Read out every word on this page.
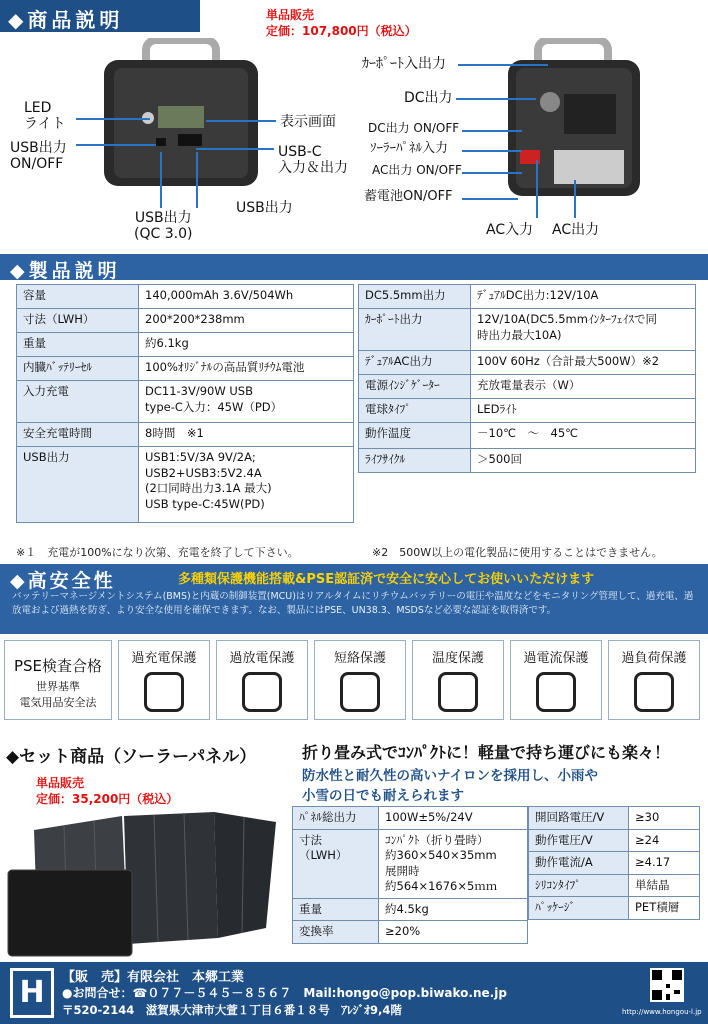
◆商品説明	単品販売
定価：107,800円（税込）
LED
ライト
USB出力
ON/OFF
表示画面
USB-C
入力＆出力
USB出力
(QC 3.0)
USB出力
ｶｰﾎﾟｰﾄ入出力
DC出力
DC出力 ON/OFF
ｿｰﾗｰﾊﾟﾈﾙ入力
AC出力 ON/OFF
蓄電池ON/OFF
AC入力 AC出力
◆製品説明
容量	140,000mAh 3.6V/504Wh
寸法（LWH）	200*200*238mm
重量	約6.1kg
内臓ﾊﾞｯﾃﾘｰｾﾙ	100%ｵﾘｼﾞﾅﾙの高品質ﾘﾁｳﾑ電池
入力充電	DC11-3V/90W USB
type-C入力：45W（PD）
安全充電時間	8時間　※1
USB出力	USB1:5V/3A 9V/2A;
USB2+USB3:5V2.4A
(2口同時出力3.1A 最大)
USB type-C:45W(PD)
DC5.5mm出力	ﾃﾞｭｱﾙDC出力:12V/10A
ｶｰﾎﾟｰﾄ出力	12V/10A(DC5.5mmｲﾝﾀｰﾌｪｲｽで同
時出力最大10A)
ﾃﾞｭｱﾙAC出力	100V 60Hz（合計最大500W）※2
電源ｲﾝｼﾞｹﾞｰﾀｰ	充放電量表示（W）
電球ﾀｲﾌﾟ	LEDﾗｲﾄ
動作温度	－10℃　～　45℃
ﾗｲﾌｻｲｸﾙ	＞500回
※１　充電が100%になり次第、充電を終了して下さい。	※2　500W以上の電化製品に使用することはできません。
◆高安全性	多種類保護機能搭載&PSE認証済で安全に安心してお使いいただけます
バッテリーマネージメントシステム(BMS)と内蔵の制御装置(MCU)はリアルタイムにリチウムバッテリーの電圧や温度などをモニタリング管理して、過充電、過放電および過熱を防ぎ、より安全な使用を確保できます。なお、製品にはPSE、UN38.3、MSDSなど必要な認証を取得済です。
PSE検査合格
世界基準
電気用品安全法
過充電保護	過放電保護	短絡保護	温度保護	過電流保護	過負荷保護
◆セット商品（ソーラーパネル）
単品販売
定価：35,200円（税込）
折り畳み式でｺﾝﾊﾟｸﾄに！軽量で持ち運びにも楽々！
防水性と耐久性の高いナイロンを採用し、小雨や
小雪の日でも耐えられます
ﾊﾟﾈﾙ総出力	100W±5%/24V
寸法
（LWH）	ｺﾝﾊﾟｸﾄ（折り畳時）
約360×540×35mm
展開時
約564×1676×5ｍｍ
重量	約4.5kg
変換率	≥20%
開回路電圧/V	≥30
動作電圧/V	≥24
動作電流/A	≥4.17
ｼﾘｺﾝﾀｲﾌﾟ	単結晶
ﾊﾟｯｹｰｼﾞ	PET積層
H	【販　売】有限会社　本郷工業
●お問合せ：☎０７７－５４５－８５６７　Mail:hongo@pop.biwako.ne.jp
〒520-2144　滋賀県大津市大萱１丁目６番１８号　ｱﾚｼﾞｵ9,4階	http://www.hongou-l.jp
